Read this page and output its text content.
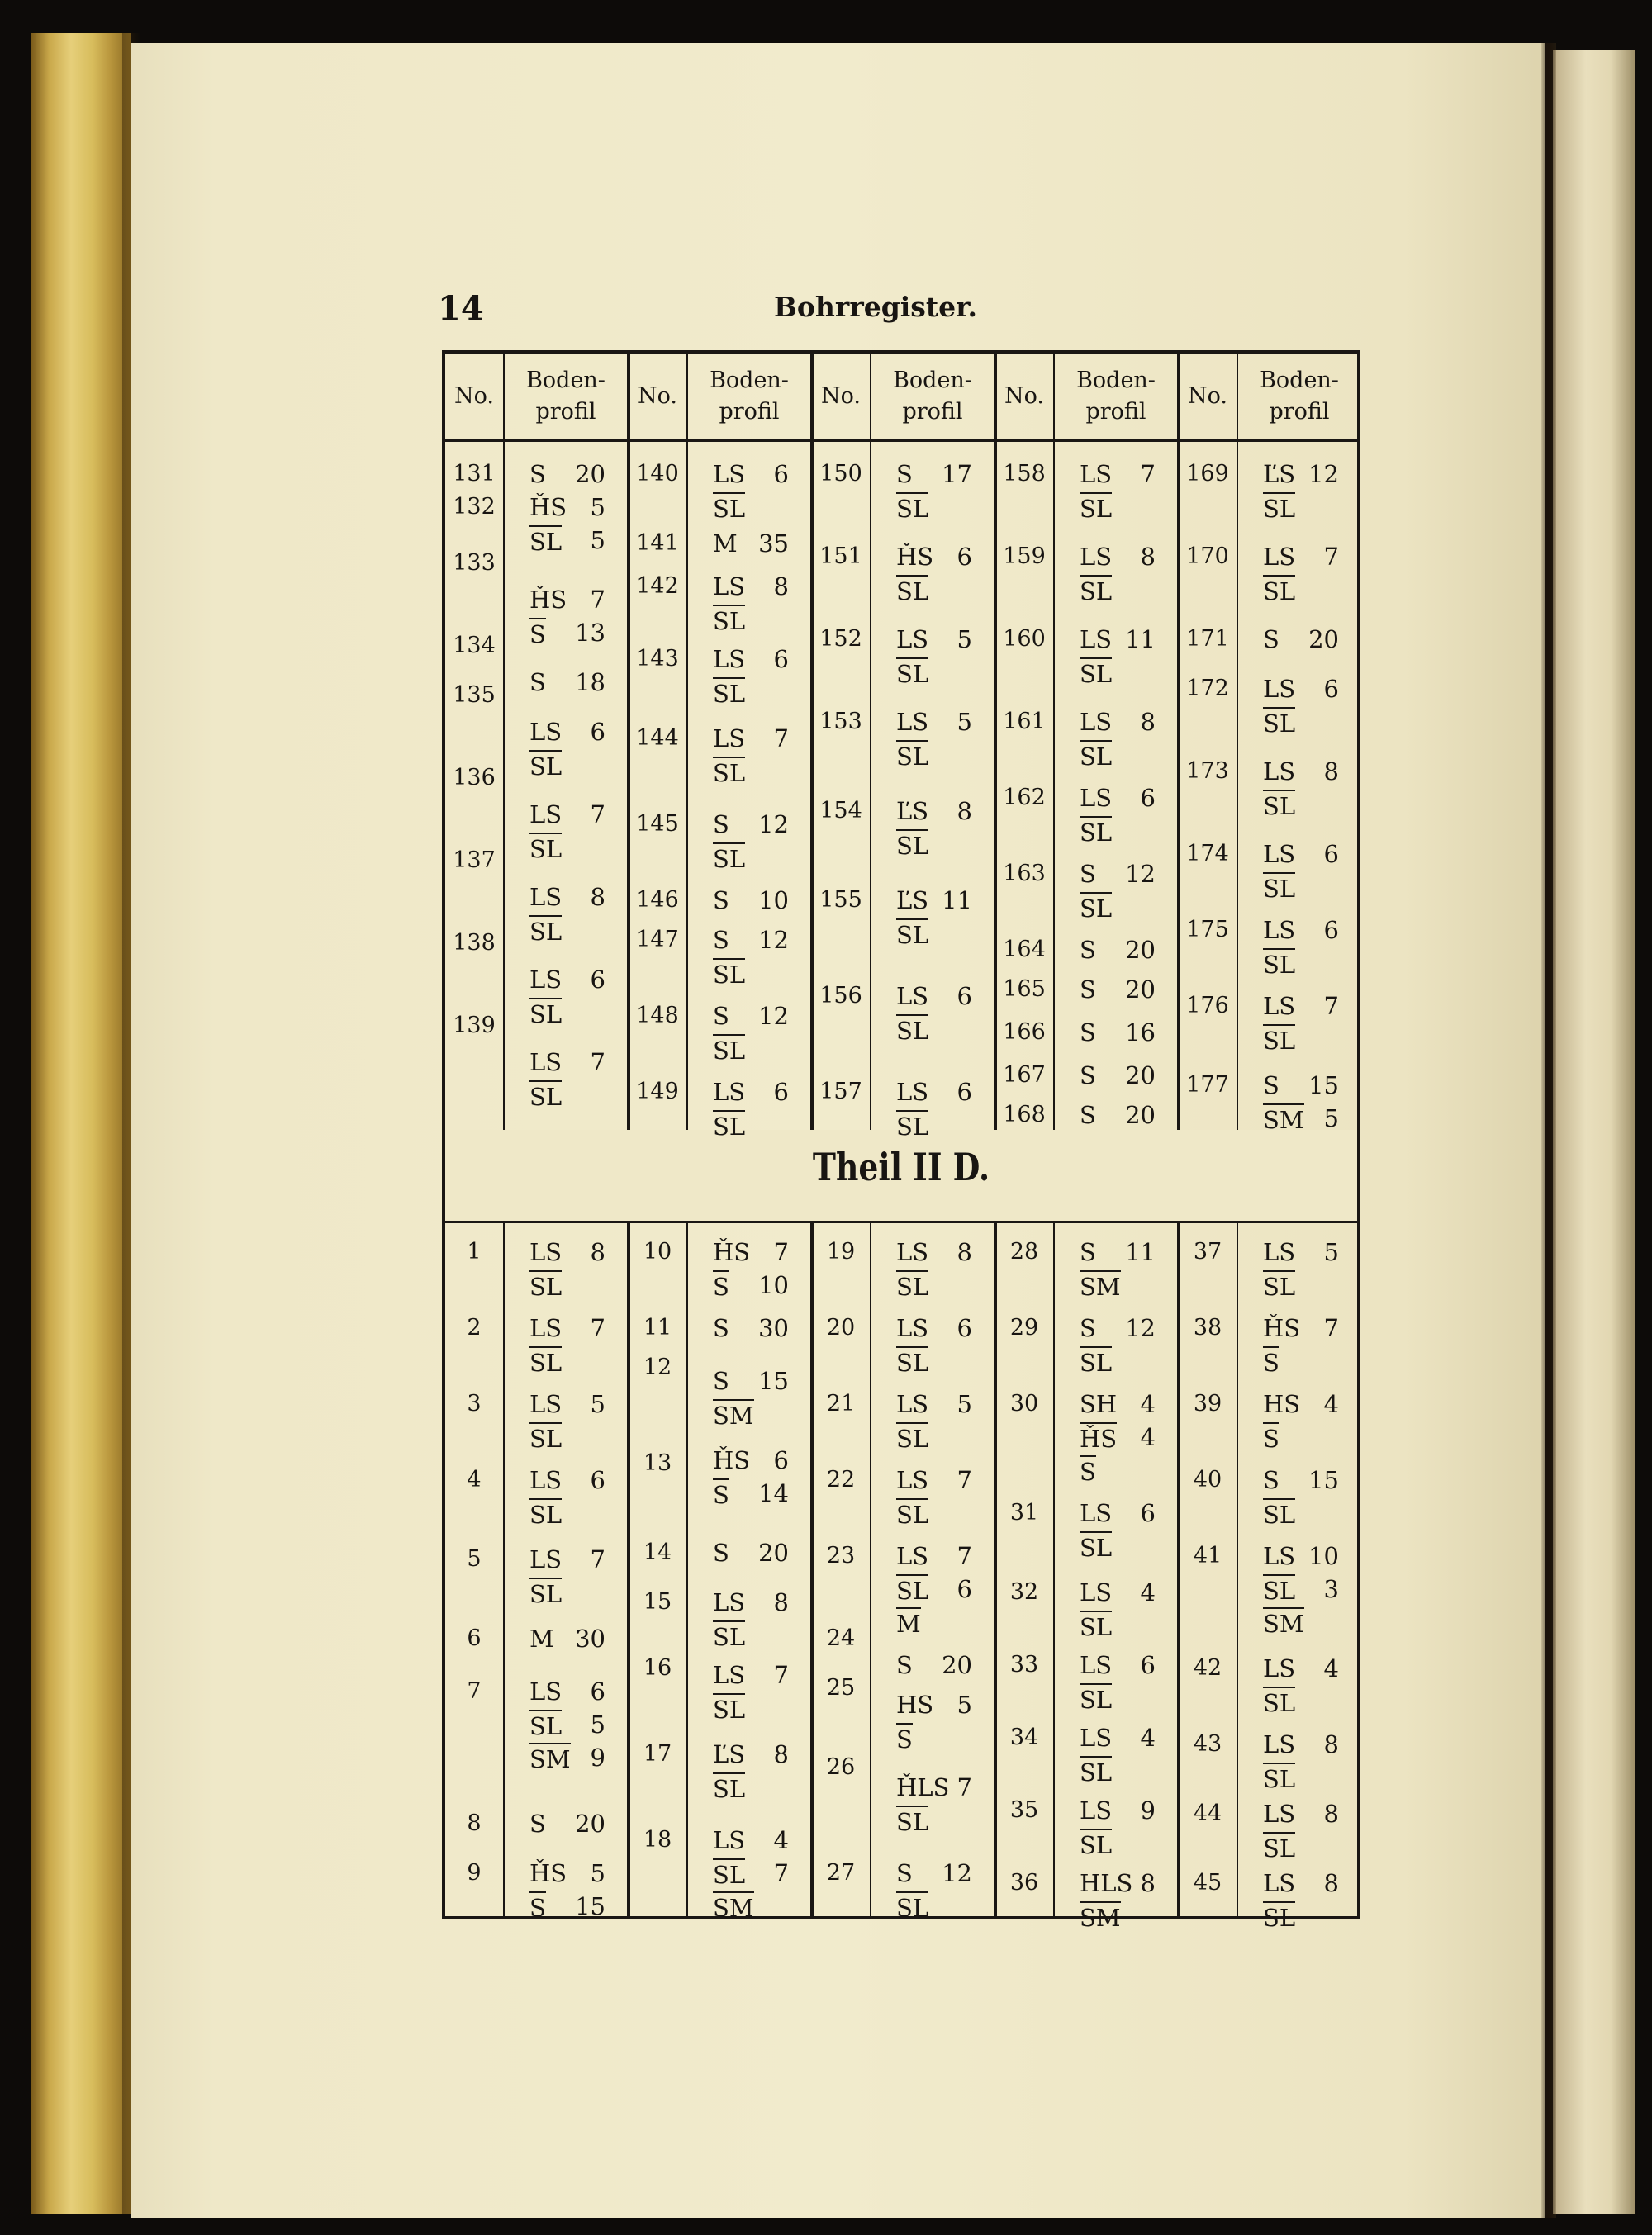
14	Bohrregister.
Theil II D.
No.
Boden-
profil
No.
Boden-
profil
No.
Boden-
profil
No.
Boden-
profil
No.
Boden-
profil
131
132
133
134
135
136
137
138
139
S 20
ȞS 5
SL 5
ȞS 7
S 13
S 18
LS 6
SL
LS 7
SL
LS 8
SL
LS 6
SL
LS 7
SL
140
141
142
143
144
145
146
147
148
149
LS 6
SL
M 35
LS 8
SL
LS 6
SL
LS 7
SL
S 12
SL
S 10
S 12
SL
S 12
SL
LS 6
SL
150
151
152
153
154
155
156
157
S 17
SL
ȞS 6
SL
LS 5
SL
LS 5
SL
ĽS 8
SL
ĽS 11
SL
LS 6
SL
LS 6
SL
158
159
160
161
162
163
164
165
166
167
168
LS 7
SL
LS 8
SL
LS 11
SL
LS 8
SL
LS 6
SL
S 12
SL
S 20
S 20
S 16
S 20
S 20
169
170
171
172
173
174
175
176
177
ĽS 12
SL
LS 7
SL
S 20
LS 6
SL
LS 8
SL
LS 6
SL
LS 6
SL
LS 7
SL
S 15
SM 5
1
2
3
4
5
6
7
8
9
LS 8
SL
LS 7
SL
LS 5
SL
LS 6
SL
LS 7
SL
M 30
LS 6
SL 5
SM 9
S 20
ȞS 5
S 15
10
11
12
13
14
15
16
17
18
ȞS 7
S 10
S 30
S 15
SM
ȞS 6
S 14
S 20
LS 8
SL
LS 7
SL
ĽS 8
SL
LS 4
SL 7
SM
19
20
21
22
23
24
25
26
27
LS 8
SL
LS 6
SL
LS 5
SL
LS 7
SL
LS 7
SL 6
M
S 20
HS 5
S
ȞLS 7
SL
S 12
SL
28
29
30
31
32
33
34
35
36
S 11
SM
S 12
SL
SH 4
ȞS 4
S
LS 6
SL
LS 4
SL
LS 6
SL
LS 4
SL
LS 9
SL
HLS 8
SM
37
38
39
40
41
42
43
44
45
LS 5
SL
ȞS 7
S
HS 4
S
S 15
SL
LS 10
SL 3
SM
LS 4
SL
LS 8
SL
LS 8
SL
LS 8
SL
